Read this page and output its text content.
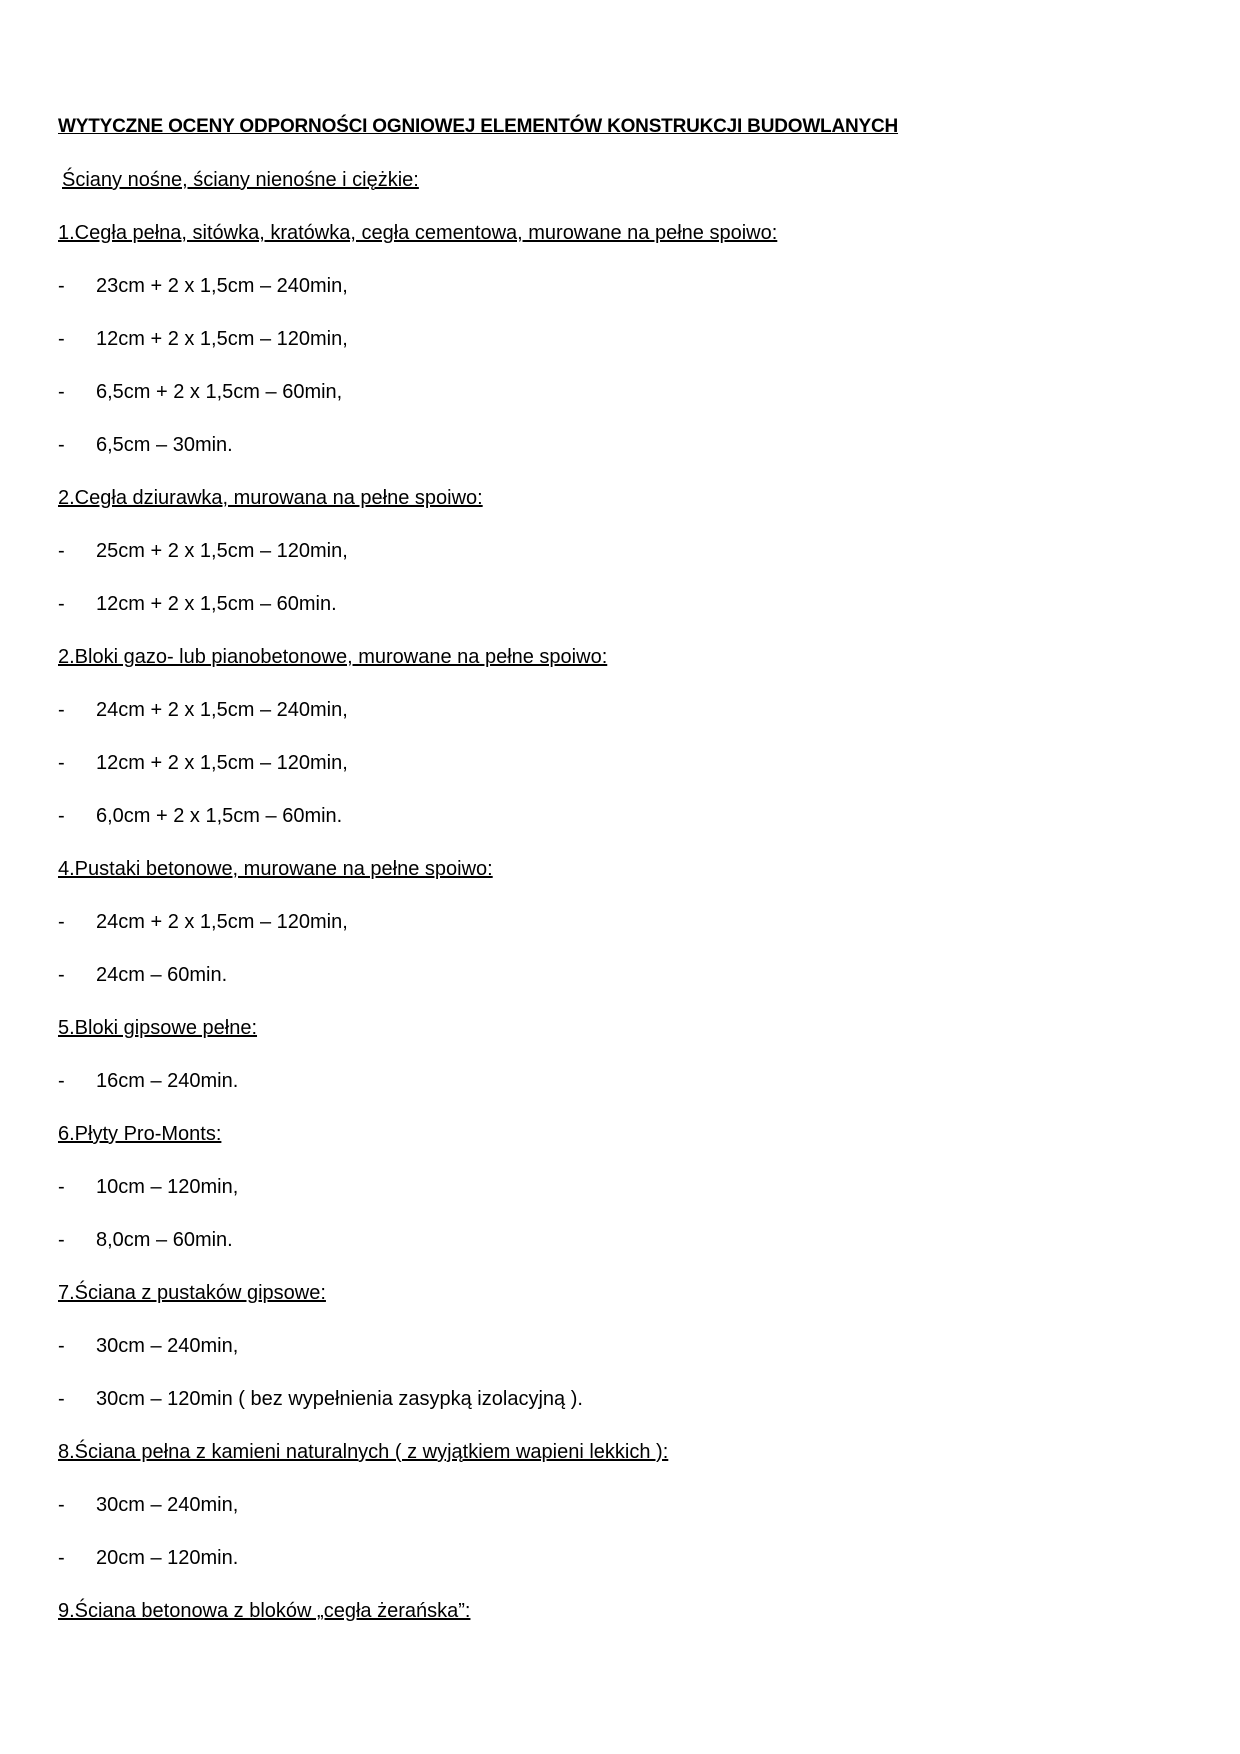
WYTYCZNE OCENY ODPORNOŚCI OGNIOWEJ ELEMENTÓW KONSTRUKCJI BUDOWLANYCH
Ściany nośne, ściany nienośne i ciężkie:
1.Cegła pełna, sitówka, kratówka, cegła cementowa, murowane na pełne spoiwo:
-	23cm + 2 x 1,5cm – 240min,
-	12cm + 2 x 1,5cm – 120min,
-	6,5cm + 2 x 1,5cm – 60min,
-	6,5cm – 30min.
2.Cegła dziurawka, murowana na pełne spoiwo:
-	25cm + 2 x 1,5cm – 120min,
-	12cm + 2 x 1,5cm – 60min.
2.Bloki gazo- lub pianobetonowe, murowane na pełne spoiwo:
-	24cm + 2 x 1,5cm – 240min,
-	12cm + 2 x 1,5cm – 120min,
-	6,0cm + 2 x 1,5cm – 60min.
4.Pustaki betonowe, murowane na pełne spoiwo:
-	24cm + 2 x 1,5cm – 120min,
-	24cm – 60min.
5.Bloki gipsowe pełne:
-	16cm – 240min.
6.Płyty Pro-Monts:
-	10cm – 120min,
-	8,0cm – 60min.
7.Ściana z pustaków gipsowe:
-	30cm – 240min,
-	30cm – 120min ( bez wypełnienia zasypką izolacyjną ).
8.Ściana pełna z kamieni naturalnych ( z wyjątkiem wapieni lekkich ):
-	30cm – 240min,
-	20cm – 120min.
9.Ściana betonowa z bloków „cegła żerańska”:
